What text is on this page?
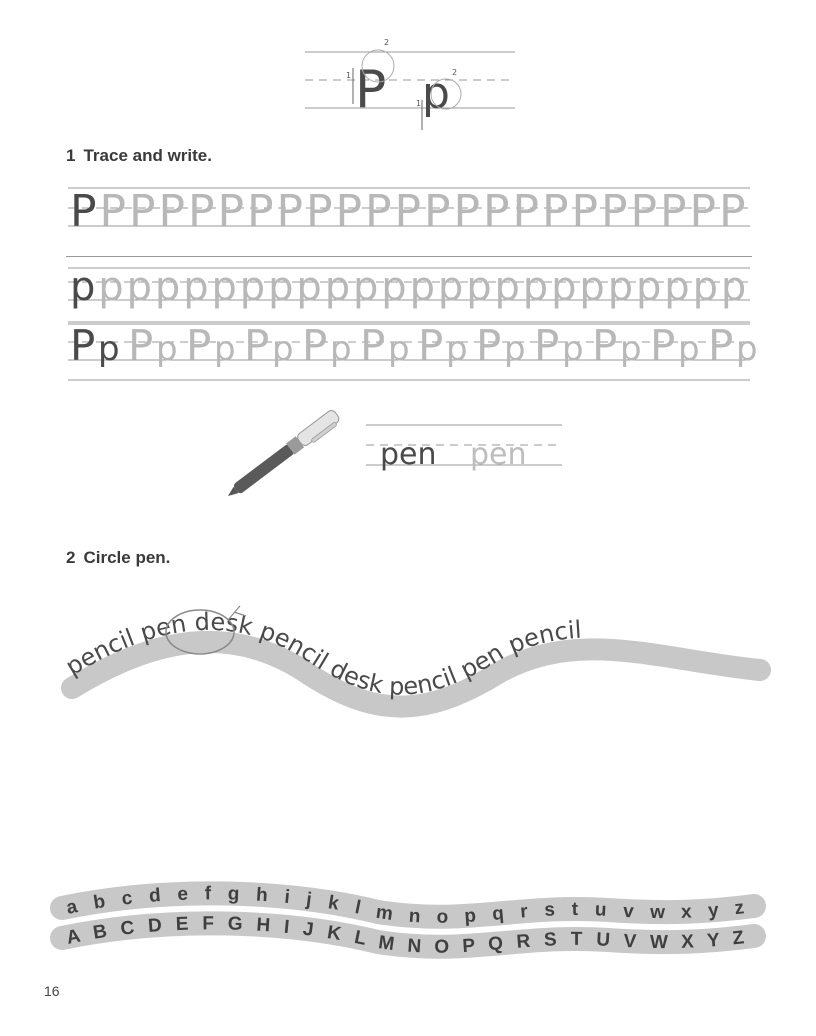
P
2
1 p 2
1
1 Trace and write.
P P P P P P P P P P P P P P P P P P P P P P P
p p p p p p p p p p p p p p p p p p p p p p p p
P p P p P p P p P p P p P p P p P p P p P p P p
pen pen
2 Circle pen.
pencil pen desk pencil desk pencil pen pencil
a b c d e f g h i j k l m n o p q r s t u v w x y z
A B C D E F G H I J K L M N O P Q R S T U V W X Y Z
16
